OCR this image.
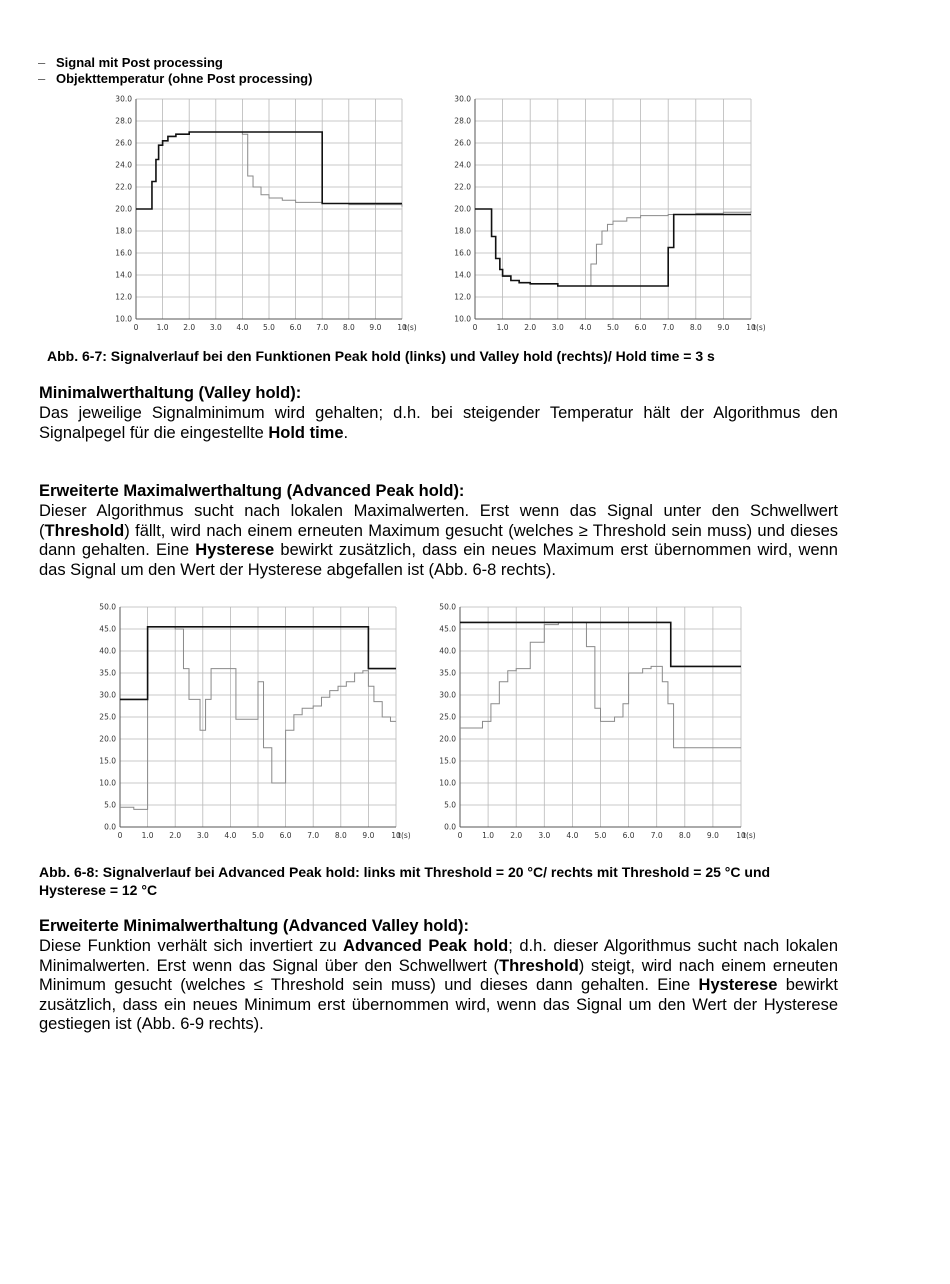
– Signal mit Post processing
– Objekttemperatur (ohne Post processing)
0 1.0 2.0 3.0 4.0 5.0 6.0 7.0 8.0 9.0 10
10.0
12.0
14.0
16.0
18.0
20.0
22.0
24.0
26.0
28.0
30.0
t(s)	0	1.0 2.0 3.0 4.0 5.0 6.0 7.0 8.0 9.0 10
10.0
12.0
14.0
16.0
18.0
20.0
22.0
24.0
26.0
28.0
30.0
t(s)
Abb. 6-7: Signalverlauf bei den Funktionen Peak hold (links) und Valley hold (rechts)/ Hold time = 3 s
Minimalwerthaltung (Valley hold):

Das jeweilige Signalminimum wird gehalten; d.h. bei steigender Temperatur hält der Algorithmus den Signalpegel für die eingestellte Hold time.

Erweiterte Maximalwerthaltung (Advanced Peak hold):

Dieser Algorithmus sucht nach lokalen Maximalwerten. Erst wenn das Signal unter den Schwellwert (Threshold) fällt, wird nach einem erneuten Maximum gesucht (welches ≥ Threshold sein muss) und dieses dann gehalten. Eine Hysterese bewirkt zusätzlich, dass ein neues Maximum erst übernommen wird, wenn das Signal um den Wert der Hysterese abgefallen ist (Abb. 6-8 rechts).

0	1.0 2.0 3.0 4.0 5.0 6.0 7.0 8.0 9.0 10
0.0
5.0
10.0
15.0
20.0
25.0
30.0
35.0
40.0
45.0
50.0
t(s)	0	1.0 2.0 3.0 4.0 5.0 6.0 7.0 8.0 9.0 10
0.0
5.0
10.0
15.0
20.0
25.0
30.0
35.0
40.0
45.0
50.0
t(s)
Abb. 6-8: Signalverlauf bei Advanced Peak hold: links mit Threshold = 20 °C/ rechts mit Threshold = 25 °C und
Hysterese = 12 °C
Erweiterte Minimalwerthaltung (Advanced Valley hold):

Diese Funktion verhält sich invertiert zu Advanced Peak hold; d.h. dieser Algorithmus sucht nach lokalen Minimalwerten. Erst wenn das Signal über den Schwellwert (Threshold) steigt, wird nach einem erneuten Minimum gesucht (welches ≤ Threshold sein muss) und dieses dann gehalten. Eine Hysterese bewirkt zusätzlich, dass ein neues Minimum erst übernommen wird, wenn das Signal um den Wert der Hysterese gestiegen ist (Abb. 6-9 rechts).
